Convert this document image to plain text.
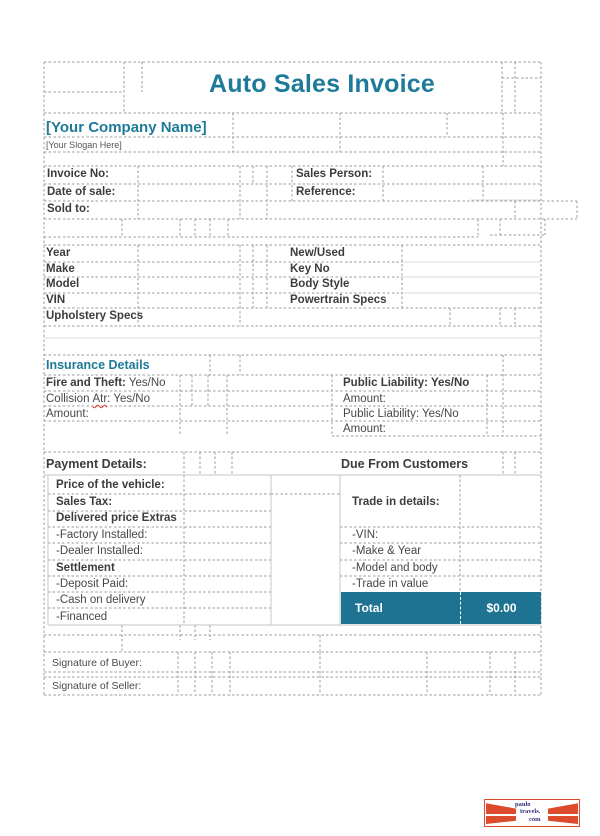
Auto Sales Invoice
[Your Company Name]
[Your Slogan Here]
Invoice No:
Date of sale:
Sold to:
Sales Person:
Reference:
Year
Make
Model
VIN
Upholstery Specs
New/Used
Key No
Body Style
Powertrain Specs
Insurance Details
Fire and Theft: Yes/No
Collision Atr: Yes/No
Amount:
Public Liability: Yes/No
Amount:
Public Liability: Yes/No
Amount:
Payment Details:	Due From Customers
Price of the vehicle:
Sales Tax:
Delivered price Extras
-Factory Installed:
-Dealer Installed:
Settlement
-Deposit Paid:
-Cash on delivery
-Financed
Trade in details:
-VIN:
-Make & Year
-Model and body
-Trade in value
Total	$0.00
Signature of Buyer:
Signature of Seller:
paulo
travels.
com
